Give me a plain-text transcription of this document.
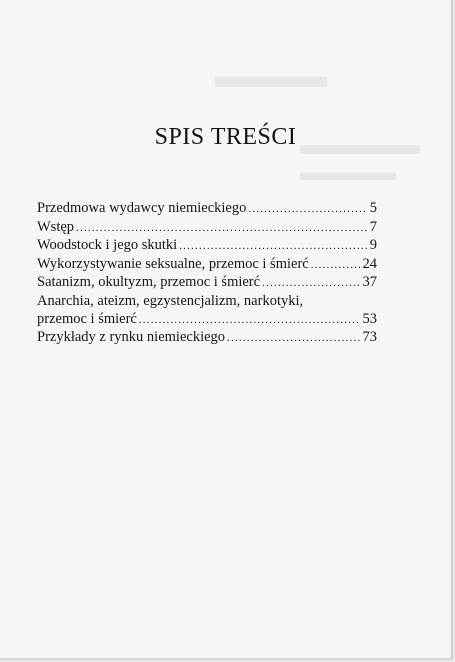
▬▬▬
▬▬▬▬
▬▬▬▬
SPIS TREŚCI
Przedmowa wydawcy niemieckiego .....	5
Wstęp .....	7
Woodstock i jego skutki .....	9
Wykorzystywanie seksualne, przemoc i śmierć .....	24
Satanizm, okultyzm, przemoc i śmierć .....	37
Anarchia, ateizm, egzystencjalizm, narkotyki,
przemoc i śmierć .....	53
Przykłady z rynku niemieckiego .....	73
